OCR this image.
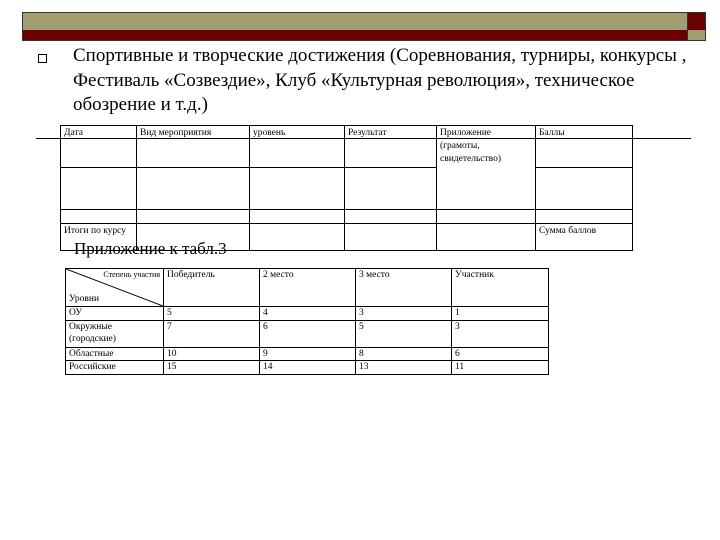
Спортивные и творческие достижения (Соревнования, турниры, конкурсы , Фестиваль «Созвездие», Клуб «Культурная революция», техническое обозрение и т.д.)
Дата	Вид мероприятия	уровень	Результат	Приложение (грамоты, свидетельство)	Баллы

Итоги по курсу					Сумма баллов
Приложение к табл.3
Степень участия
Уровни	Победитель	2 место	3 место	Участник
ОУ	5	4	3	1
Окружные (городские)	7	6	5	3
Областные	10	9	8	6
Российские	15	14	13	11
